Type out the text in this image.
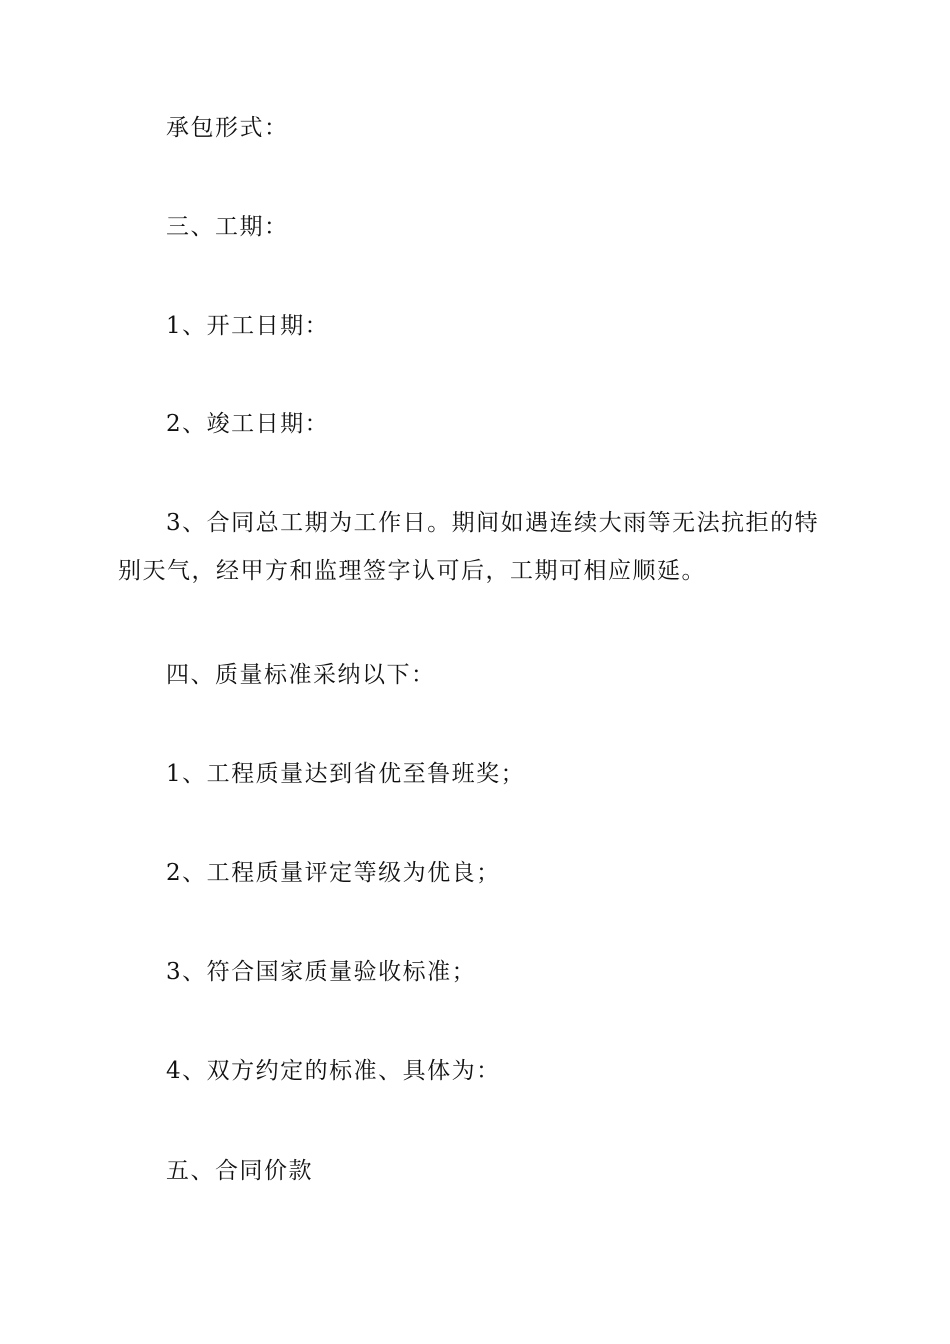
承包形式：

三、工期：

1、开工日期：

2、竣工日期：

3、合同总工期为工作日。期间如遇连续大雨等无法抗拒的特别天气，经甲方和监理签字认可后，工期可相应顺延。

四、质量标准采纳以下：

1、工程质量达到省优至鲁班奖；

2、工程质量评定等级为优良；

3、符合国家质量验收标准；

4、双方约定的标准、具体为：

五、合同价款
